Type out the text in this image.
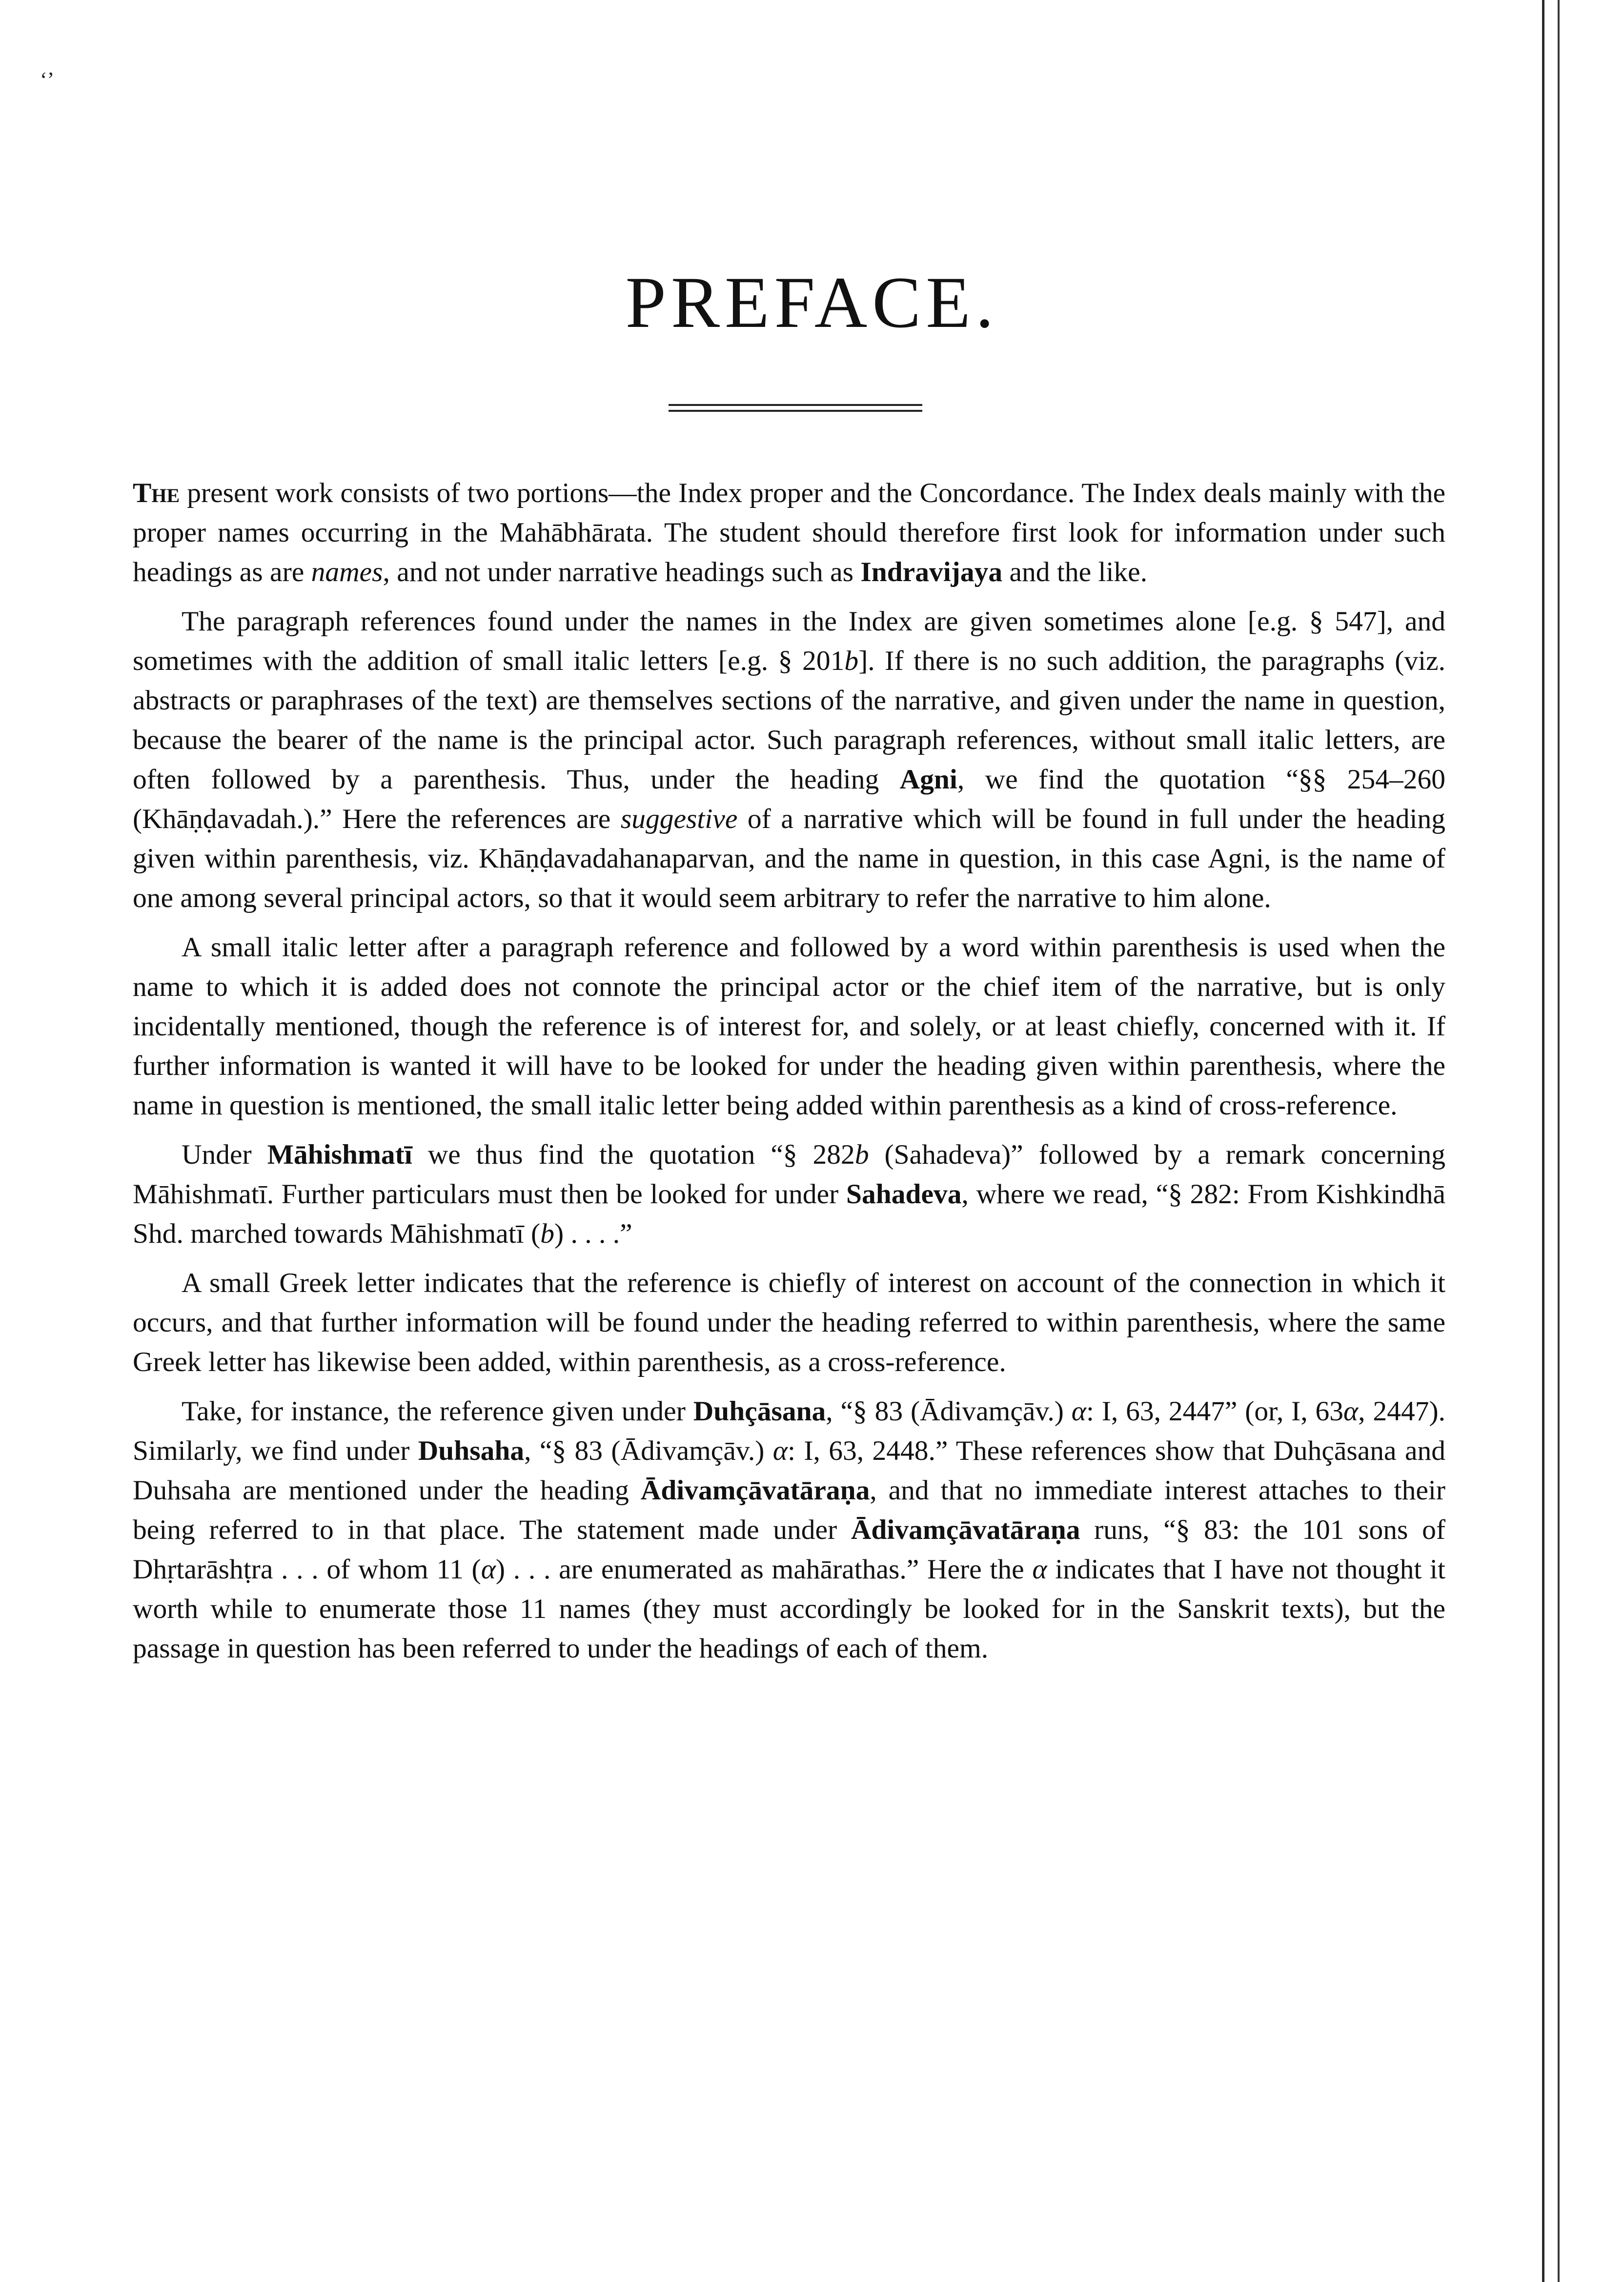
ʻʼ
PREFACE.

The present work consists of two portions—the Index proper and the Concordance. The Index deals mainly with the proper names occurring in the Mahābhārata. The student should therefore first look for information under such headings as are names, and not under narrative headings such as Indravijaya and the like.

The paragraph references found under the names in the Index are given sometimes alone [e.g. § 547], and sometimes with the addition of small italic letters [e.g. § 201b]. If there is no such addition, the paragraphs (viz. abstracts or paraphrases of the text) are themselves sections of the narrative, and given under the name in question, because the bearer of the name is the principal actor. Such paragraph references, without small italic letters, are often followed by a parenthesis. Thus, under the heading Agni, we find the quotation “§§ 254–260 (Khāṇḍavadah.).” Here the references are suggestive of a narrative which will be found in full under the heading given within parenthesis, viz. Khāṇḍavadahanaparvan, and the name in question, in this case Agni, is the name of one among several principal actors, so that it would seem arbitrary to refer the narrative to him alone.

A small italic letter after a paragraph reference and followed by a word within parenthesis is used when the name to which it is added does not connote the principal actor or the chief item of the narrative, but is only incidentally mentioned, though the reference is of interest for, and solely, or at least chiefly, concerned with it. If further information is wanted it will have to be looked for under the heading given within parenthesis, where the name in question is mentioned, the small italic letter being added within parenthesis as a kind of cross-reference.

Under Māhishmatī we thus find the quotation “§ 282b (Sahadeva)” followed by a remark concerning Māhishmatī. Further particulars must then be looked for under Sahadeva, where we read, “§ 282: From Kishkindhā Shd. marched towards Māhishmatī (b) . . . .”

A small Greek letter indicates that the reference is chiefly of interest on account of the connection in which it occurs, and that further information will be found under the heading referred to within parenthesis, where the same Greek letter has likewise been added, within parenthesis, as a cross-reference.

Take, for instance, the reference given under Duhçāsana, “§ 83 (Ādivamçāv.) α: I, 63, 2447” (or, I, 63α, 2447). Similarly, we find under Duhsaha, “§ 83 (Ādivamçāv.) α: I, 63, 2448.” These references show that Duhçāsana and Duhsaha are mentioned under the heading Ādivamçāvatāraṇa, and that no immediate interest attaches to their being referred to in that place. The statement made under Ādivamçāvatāraṇa runs, “§ 83: the 101 sons of Dhṛtarāshṭra . . . of whom 11 (α) . . . are enumerated as mahārathas.” Here the α indicates that I have not thought it worth while to enumerate those 11 names (they must accordingly be looked for in the Sanskrit texts), but the passage in question has been referred to under the headings of each of them.
